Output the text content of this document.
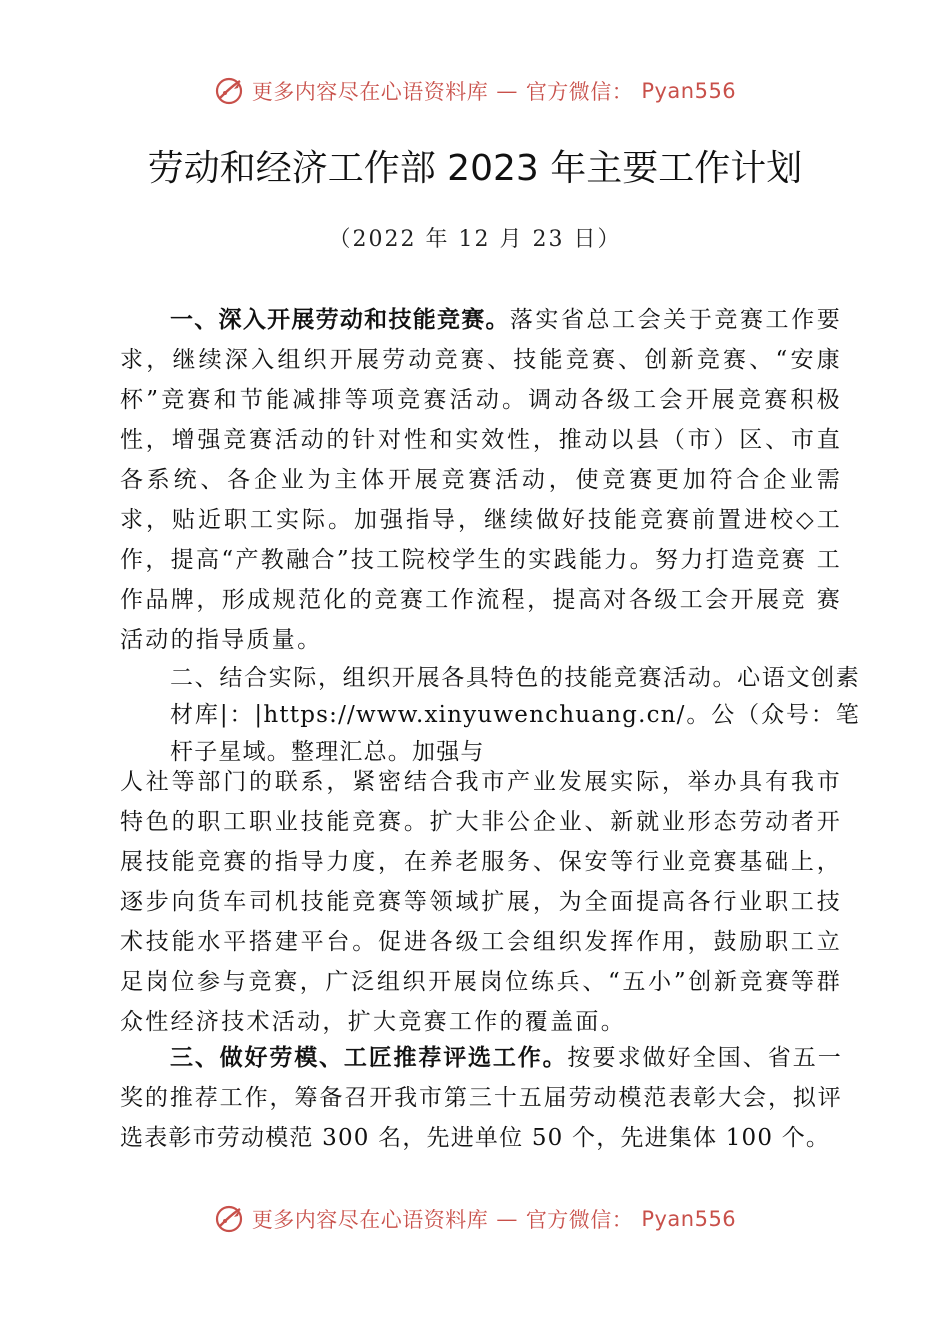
更多内容尽在心语资料库 — 官方微信： Pyan556
劳动和经济工作部 2023 年主要工作计划
（2022 年 12 月 23 日）

一、深入开展劳动和技能竞赛。落实省总工会关于竞赛工作要求，继续深入组织开展劳动竞赛、技能竞赛、创新竞赛、“安康杯”竞赛和节能减排等项竞赛活动。调动各级工会开展竞赛积极性，增强竞赛活动的针对性和实效性，推动以县（市）区、市直各系统、各企业为主体开展竞赛活动，使竞赛更加符合企业需求，贴近职工实际。加强指导，继续做好技能竞赛前置进校◇工 作，提高“产教融合”技工院校学生的实践能力。努力打造竞赛 工作品牌，形成规范化的竞赛工作流程，提高对各级工会开展竞 赛活动的指导质量。

二、结合实际，组织开展各具特色的技能竞赛活动。心语文创素材库|：|https://www.xinyuwenchuang.cn/。公（众号：笔杆子星域。整理汇总。加强与

人社等部门的联系，紧密结合我市产业发展实际，举办具有我市特色的职工职业技能竞赛。扩大非公企业、新就业形态劳动者开展技能竞赛的指导力度，在养老服务、保安等行业竞赛基础上，逐步向货车司机技能竞赛等领域扩展，为全面提高各行业职工技术技能水平搭建平台。促进各级工会组织发挥作用，鼓励职工立足岗位参与竞赛，广泛组织开展岗位练兵、“五小”创新竞赛等群众性经济技术活动，扩大竞赛工作的覆盖面。

三、做好劳模、工匠推荐评选工作。按要求做好全国、省五一奖的推荐工作，筹备召开我市第三十五届劳动模范表彰大会，拟评选表彰市劳动模范 300 名，先进单位 50 个，先进集体 100 个。

更多内容尽在心语资料库 — 官方微信： Pyan556
